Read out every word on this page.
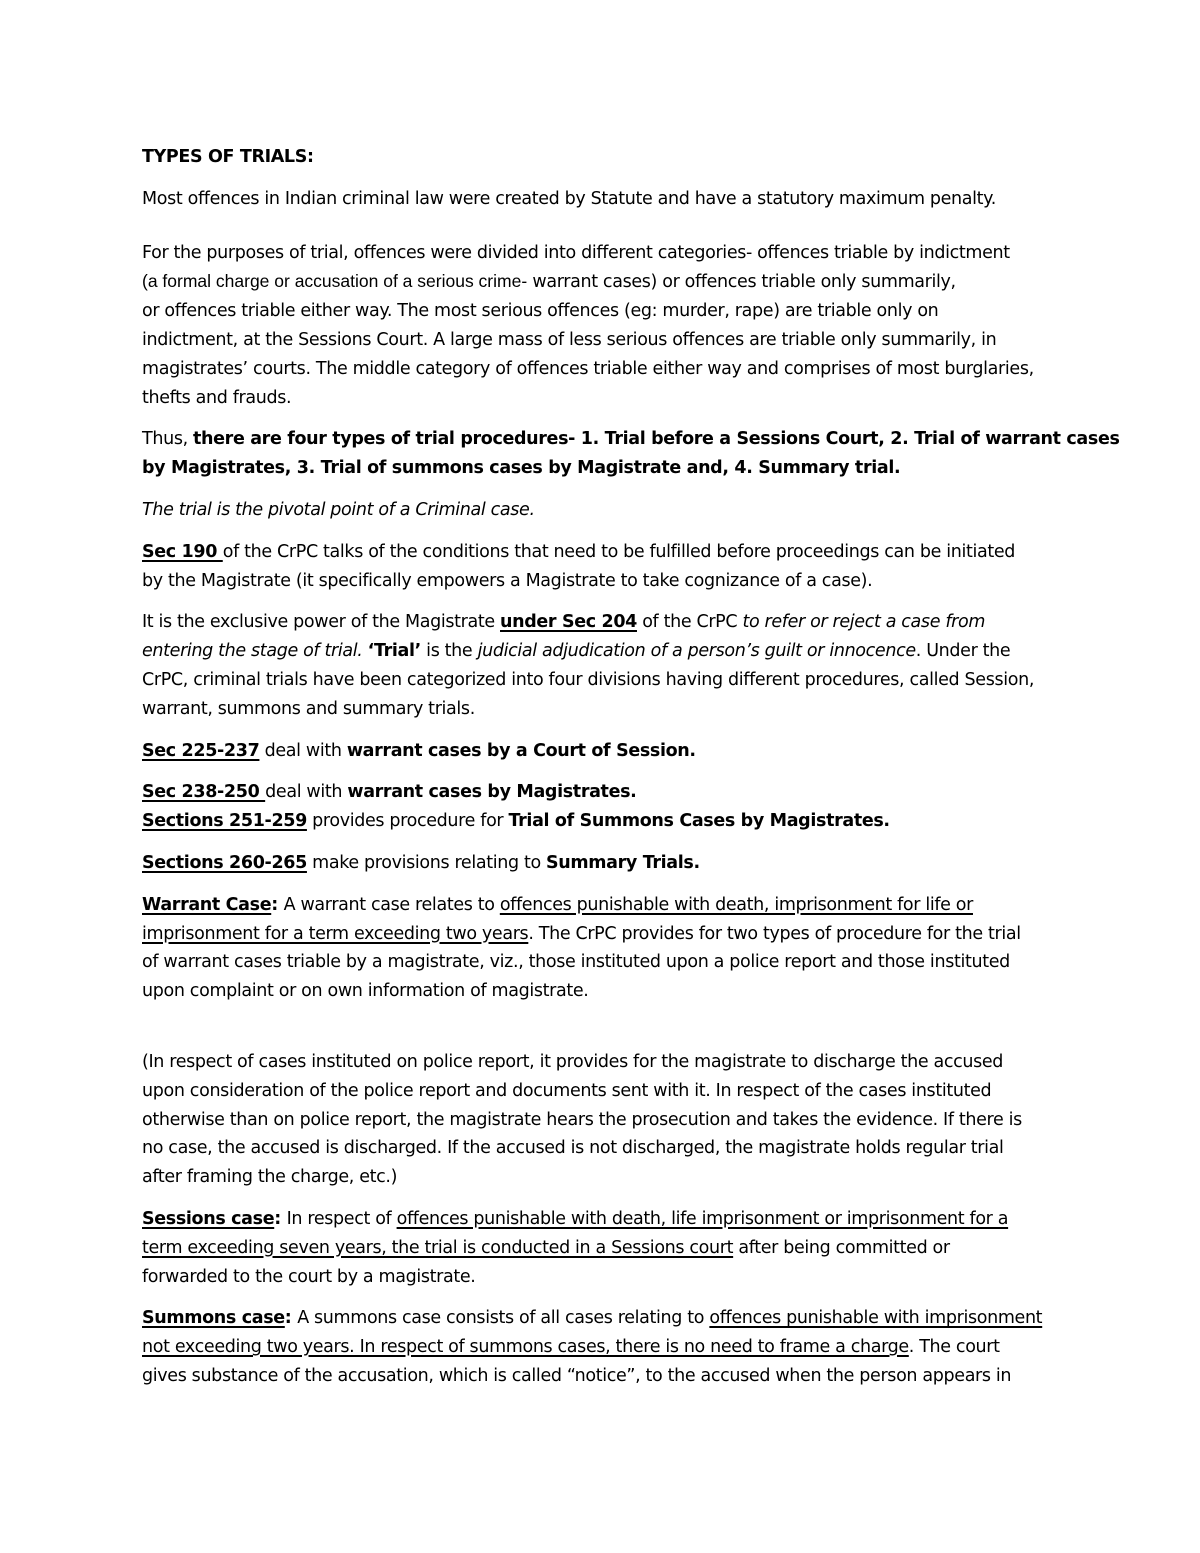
TYPES OF TRIALS:

Most offences in Indian criminal law were created by Statute and have a statutory maximum penalty.

For the purposes of trial, offences were divided into different categories- offences triable by indictment
(a formal charge or accusation of a serious crime- warrant cases) or offences triable only summarily,
or offences triable either way. The most serious offences (eg: murder, rape) are triable only on
indictment, at the Sessions Court. A large mass of less serious offences are triable only summarily, in
magistrates’ courts. The middle category of offences triable either way and comprises of most burglaries,
thefts and frauds.

Thus, there are four types of trial procedures- 1. Trial before a Sessions Court, 2. Trial of warrant cases
by Magistrates, 3. Trial of summons cases by Magistrate and, 4. Summary trial.

The trial is the pivotal point of a Criminal case.

Sec 190 of the CrPC talks of the conditions that need to be fulfilled before proceedings can be initiated
by the Magistrate (it specifically empowers a Magistrate to take cognizance of a case).

It is the exclusive power of the Magistrate under Sec 204 of the CrPC to refer or reject a case from
entering the stage of trial. ‘Trial’ is the judicial adjudication of a person’s guilt or innocence. Under the
CrPC, criminal trials have been categorized into four divisions having different procedures, called Session,
warrant, summons and summary trials.

Sec 225-237 deal with warrant cases by a Court of Session.

Sec 238-250 deal with warrant cases by Magistrates.

Sections 251-259 provides procedure for Trial of Summons Cases by Magistrates.

Sections 260-265 make provisions relating to Summary Trials.

Warrant Case: A warrant case relates to offences punishable with death, imprisonment for life or
imprisonment for a term exceeding two years. The CrPC provides for two types of procedure for the trial
of warrant cases triable by a magistrate, viz., those instituted upon a police report and those instituted
upon complaint or on own information of magistrate.

(In respect of cases instituted on police report, it provides for the magistrate to discharge the accused
upon consideration of the police report and documents sent with it. In respect of the cases instituted
otherwise than on police report, the magistrate hears the prosecution and takes the evidence. If there is
no case, the accused is discharged. If the accused is not discharged, the magistrate holds regular trial
after framing the charge, etc.)

Sessions case: In respect of offences punishable with death, life imprisonment or imprisonment for a
term exceeding seven years, the trial is conducted in a Sessions court after being committed or
forwarded to the court by a magistrate.

Summons case: A summons case consists of all cases relating to offences punishable with imprisonment
not exceeding two years. In respect of summons cases, there is no need to frame a charge. The court
gives substance of the accusation, which is called “notice”, to the accused when the person appears in
